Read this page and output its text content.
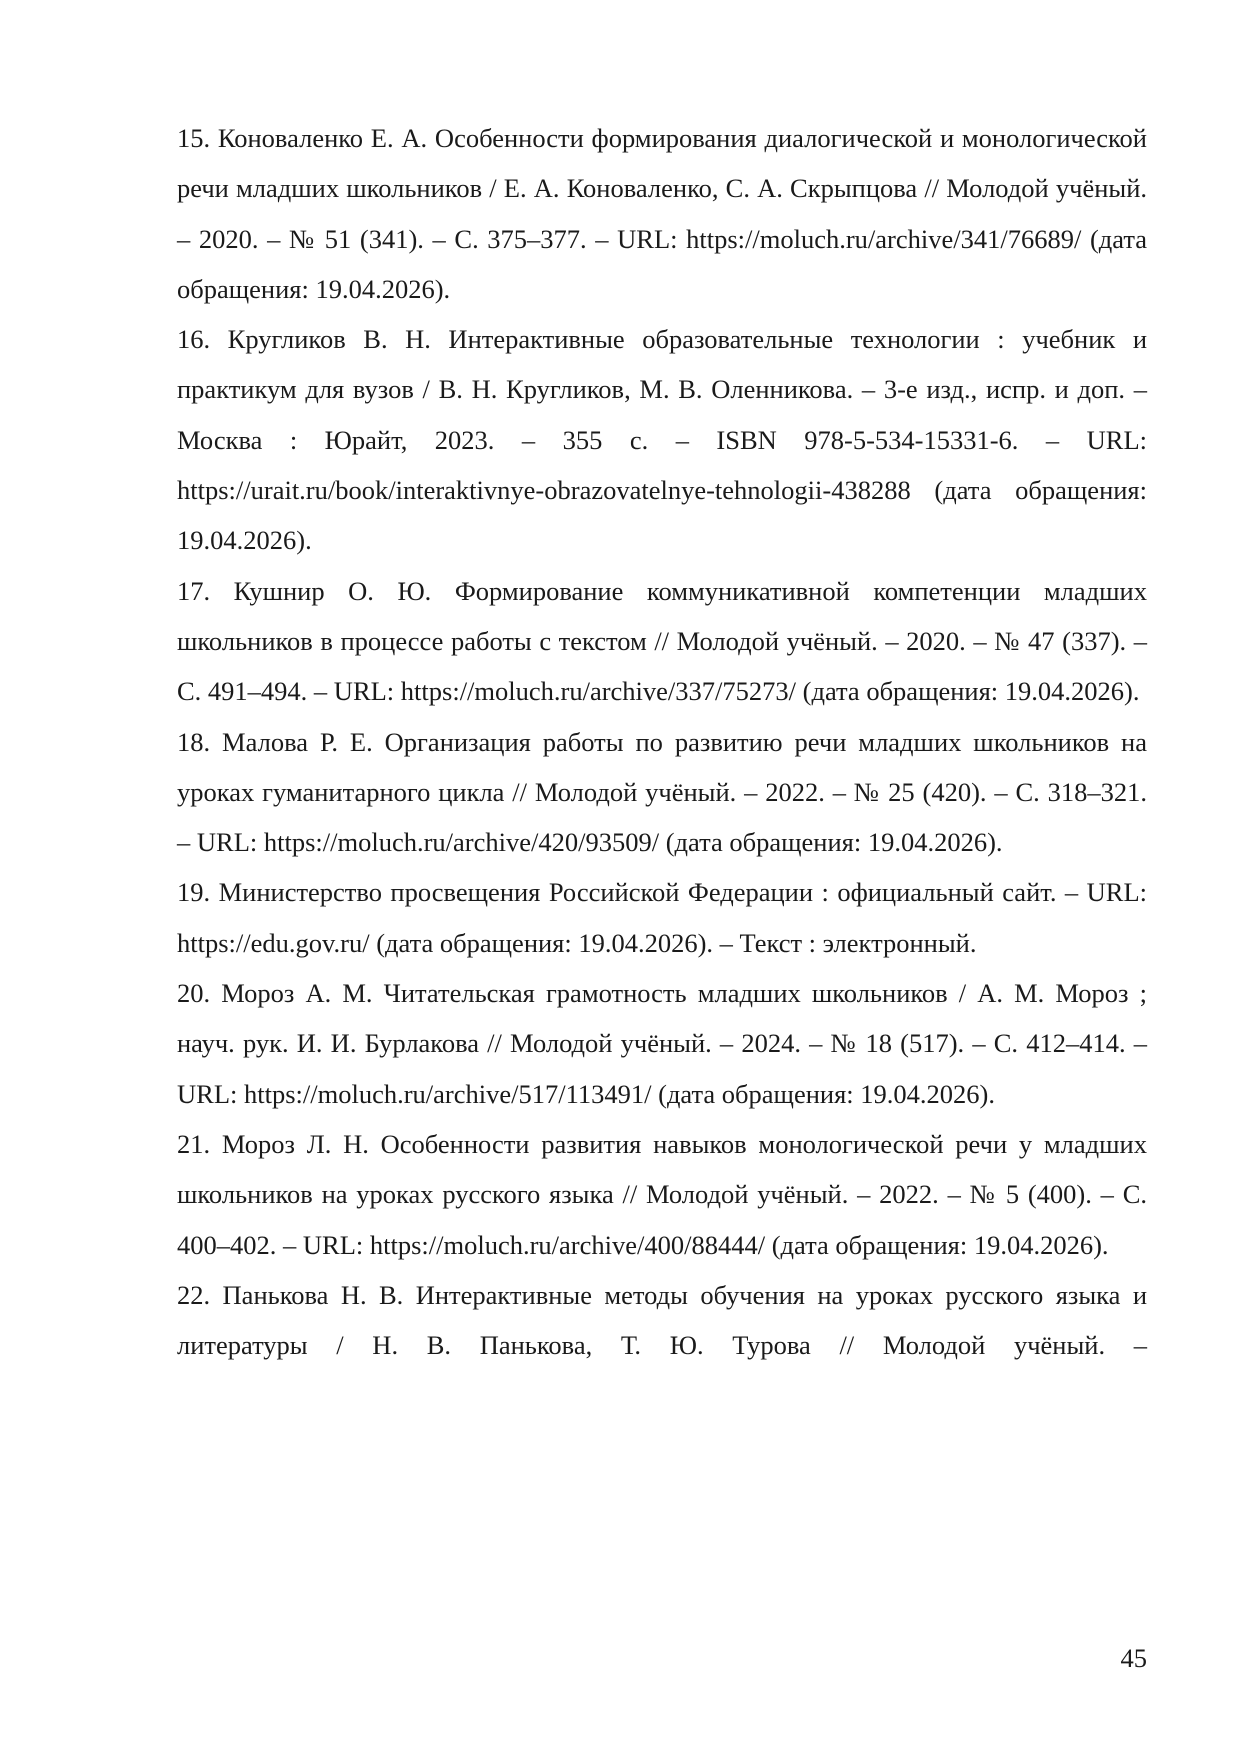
15. Коноваленко Е. А. Особенности формирования диалогической и монологической речи младших школьников / Е. А. Коноваленко, С. А. Скрыпцова // Молодой учёный. – 2020. – № 51 (341). – С. 375–377. – URL: https://moluch.ru/archive/341/76689/ (дата обращения: 19.04.2026).

16. Кругликов В. Н. Интерактивные образовательные технологии : учебник и практикум для вузов / В. Н. Кругликов, М. В. Оленникова. – 3-е изд., испр. и доп. – Москва : Юрайт, 2023. – 355 с. – ISBN 978-5-534-15331-6. – URL: https://urait.ru/book/interaktivnye-obrazovatelnye-tehnologii-438288 (дата обращения: 19.04.2026).

17. Кушнир О. Ю. Формирование коммуникативной компетенции младших школьников в процессе работы с текстом // Молодой учёный. – 2020. – № 47 (337). – С. 491–494. – URL: https://moluch.ru/archive/337/75273/ (дата обращения: 19.04.2026).

18. Малова Р. Е. Организация работы по развитию речи младших школьников на уроках гуманитарного цикла // Молодой учёный. – 2022. – № 25 (420). – С. 318–321. – URL: https://moluch.ru/archive/420/93509/ (дата обращения: 19.04.2026).

19. Министерство просвещения Российской Федерации : официальный сайт. – URL: https://edu.gov.ru/ (дата обращения: 19.04.2026). – Текст : электронный.

20. Мороз А. М. Читательская грамотность младших школьников / А. М. Мороз ; науч. рук. И. И. Бурлакова // Молодой учёный. – 2024. – № 18 (517). – С. 412–414. – URL: https://moluch.ru/archive/517/113491/ (дата обращения: 19.04.2026).

21. Мороз Л. Н. Особенности развития навыков монологической речи у младших школьников на уроках русского языка // Молодой учёный. – 2022. – № 5 (400). – С. 400–402. – URL: https://moluch.ru/archive/400/88444/ (дата обращения: 19.04.2026).

22. Панькова Н. В. Интерактивные методы обучения на уроках русского языка и литературы / Н. В. Панькова, Т. Ю. Турова // Молодой учёный. –

45
